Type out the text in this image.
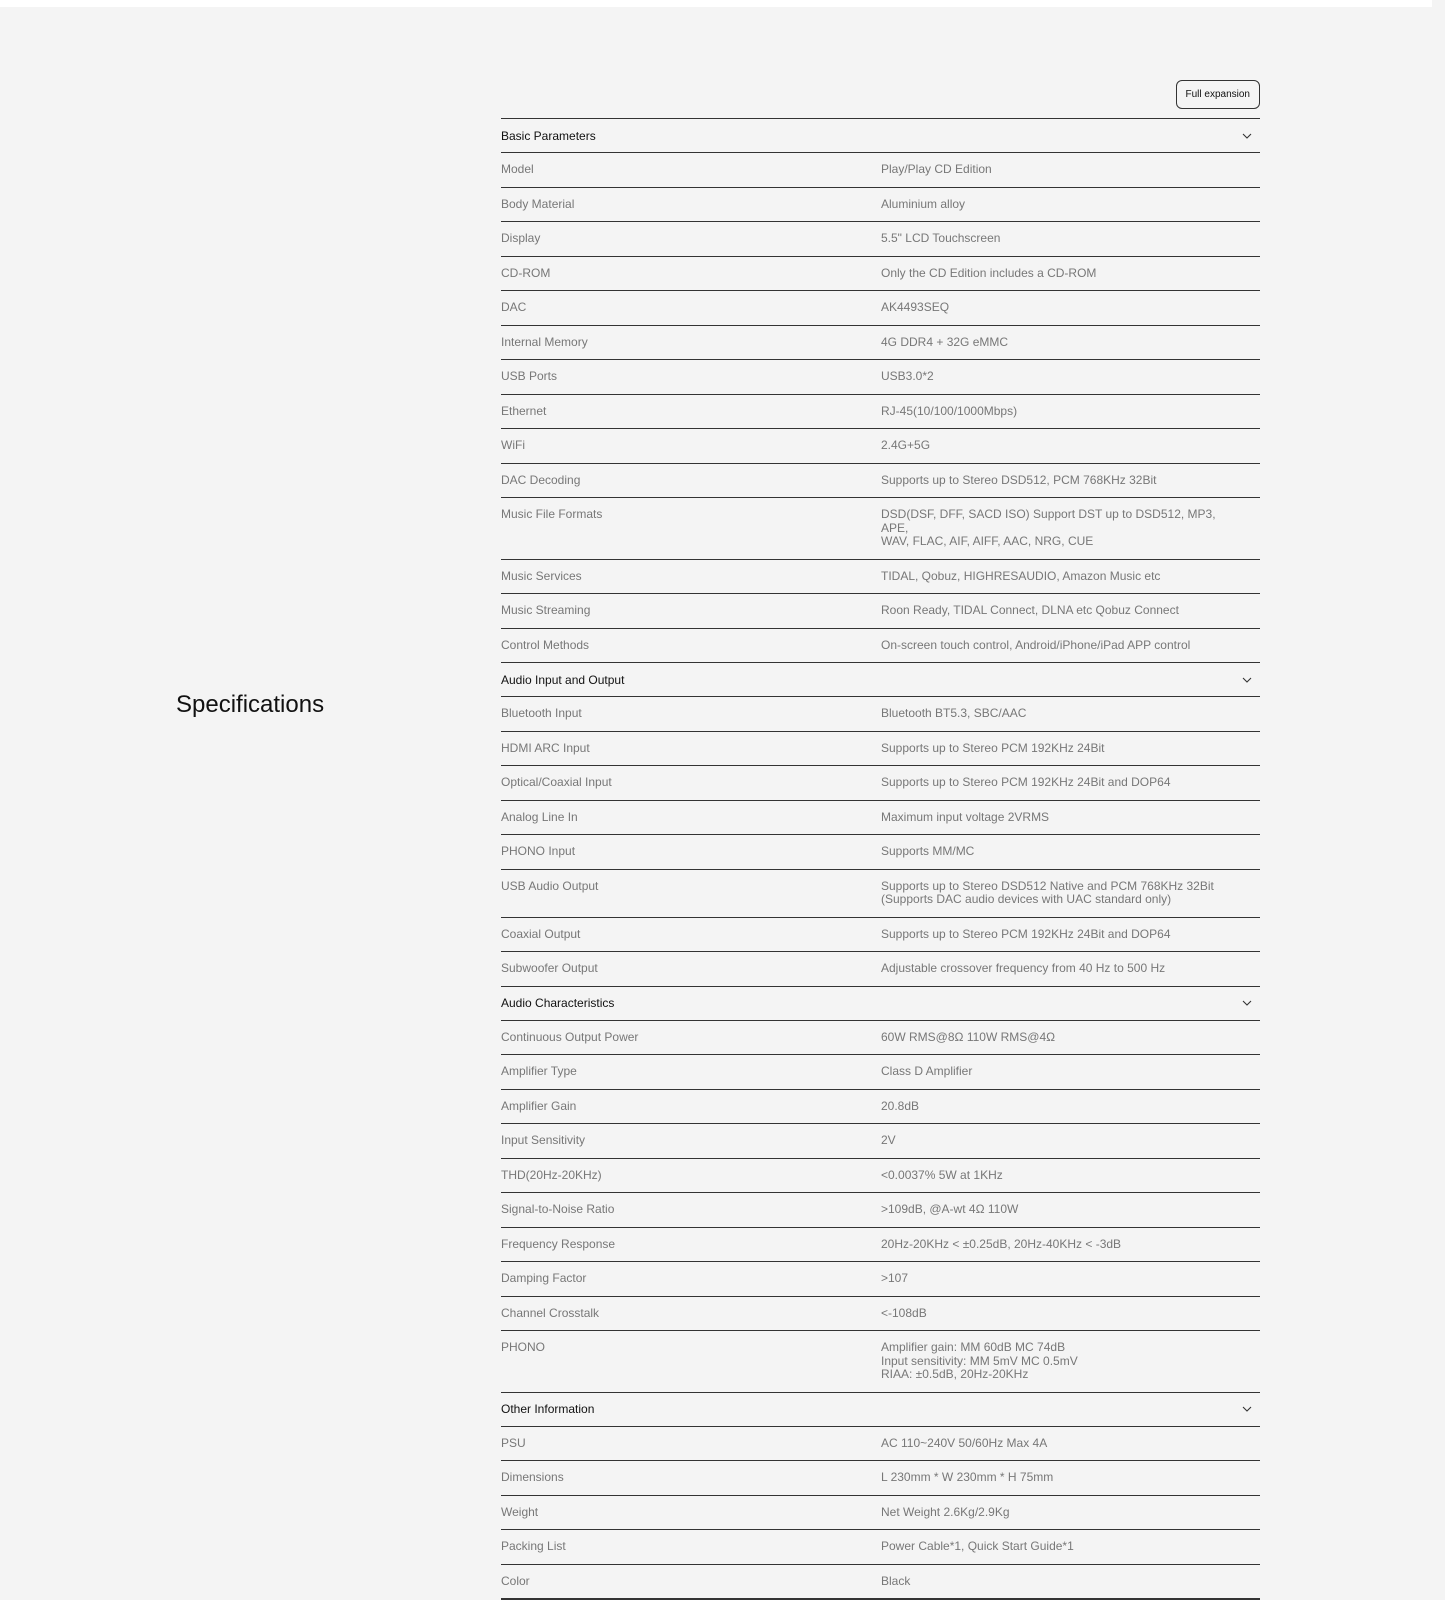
Specifications
Full expansion
Basic Parameters
Model	Play/Play CD Edition
Body Material	Aluminium alloy
Display	5.5" LCD Touchscreen
CD-ROM	Only the CD Edition includes a CD-ROM
DAC	AK4493SEQ
Internal Memory	4G DDR4 + 32G eMMC
USB Ports	USB3.0*2
Ethernet	RJ-45(10/100/1000Mbps)
WiFi	2.4G+5G
DAC Decoding	Supports up to Stereo DSD512, PCM 768KHz 32Bit
Music File Formats	DSD(DSF, DFF, SACD ISO) Support DST up to DSD512, MP3, APE,
WAV, FLAC, AIF, AIFF, AAC, NRG, CUE
Music Services	TIDAL, Qobuz, HIGHRESAUDIO, Amazon Music etc
Music Streaming	Roon Ready, TIDAL Connect, DLNA etc Qobuz Connect
Control Methods	On-screen touch control, Android/iPhone/iPad APP control
Audio Input and Output
Bluetooth Input	Bluetooth BT5.3, SBC/AAC
HDMI ARC Input	Supports up to Stereo PCM 192KHz 24Bit
Optical/Coaxial Input	Supports up to Stereo PCM 192KHz 24Bit and DOP64
Analog Line In	Maximum input voltage 2VRMS
PHONO Input	Supports MM/MC
USB Audio Output	Supports up to Stereo DSD512 Native and PCM 768KHz 32Bit
(Supports DAC audio devices with UAC standard only)
Coaxial Output	Supports up to Stereo PCM 192KHz 24Bit and DOP64
Subwoofer Output	Adjustable crossover frequency from 40 Hz to 500 Hz
Audio Characteristics
Continuous Output Power	60W RMS@8Ω 110W RMS@4Ω
Amplifier Type	Class D Amplifier
Amplifier Gain	20.8dB
Input Sensitivity	2V
THD(20Hz-20KHz)	<0.0037% 5W at 1KHz
Signal-to-Noise Ratio	>109dB, @A-wt 4Ω 110W
Frequency Response	20Hz-20KHz < ±0.25dB, 20Hz-40KHz < -3dB
Damping Factor	>107
Channel Crosstalk	<-108dB
PHONO	Amplifier gain: MM 60dB MC 74dB
Input sensitivity: MM 5mV MC 0.5mV
RIAA: ±0.5dB, 20Hz-20KHz
Other Information
PSU	AC 110~240V 50/60Hz Max 4A
Dimensions	L 230mm * W 230mm * H 75mm
Weight	Net Weight 2.6Kg/2.9Kg
Packing List	Power Cable*1, Quick Start Guide*1
Color	Black
